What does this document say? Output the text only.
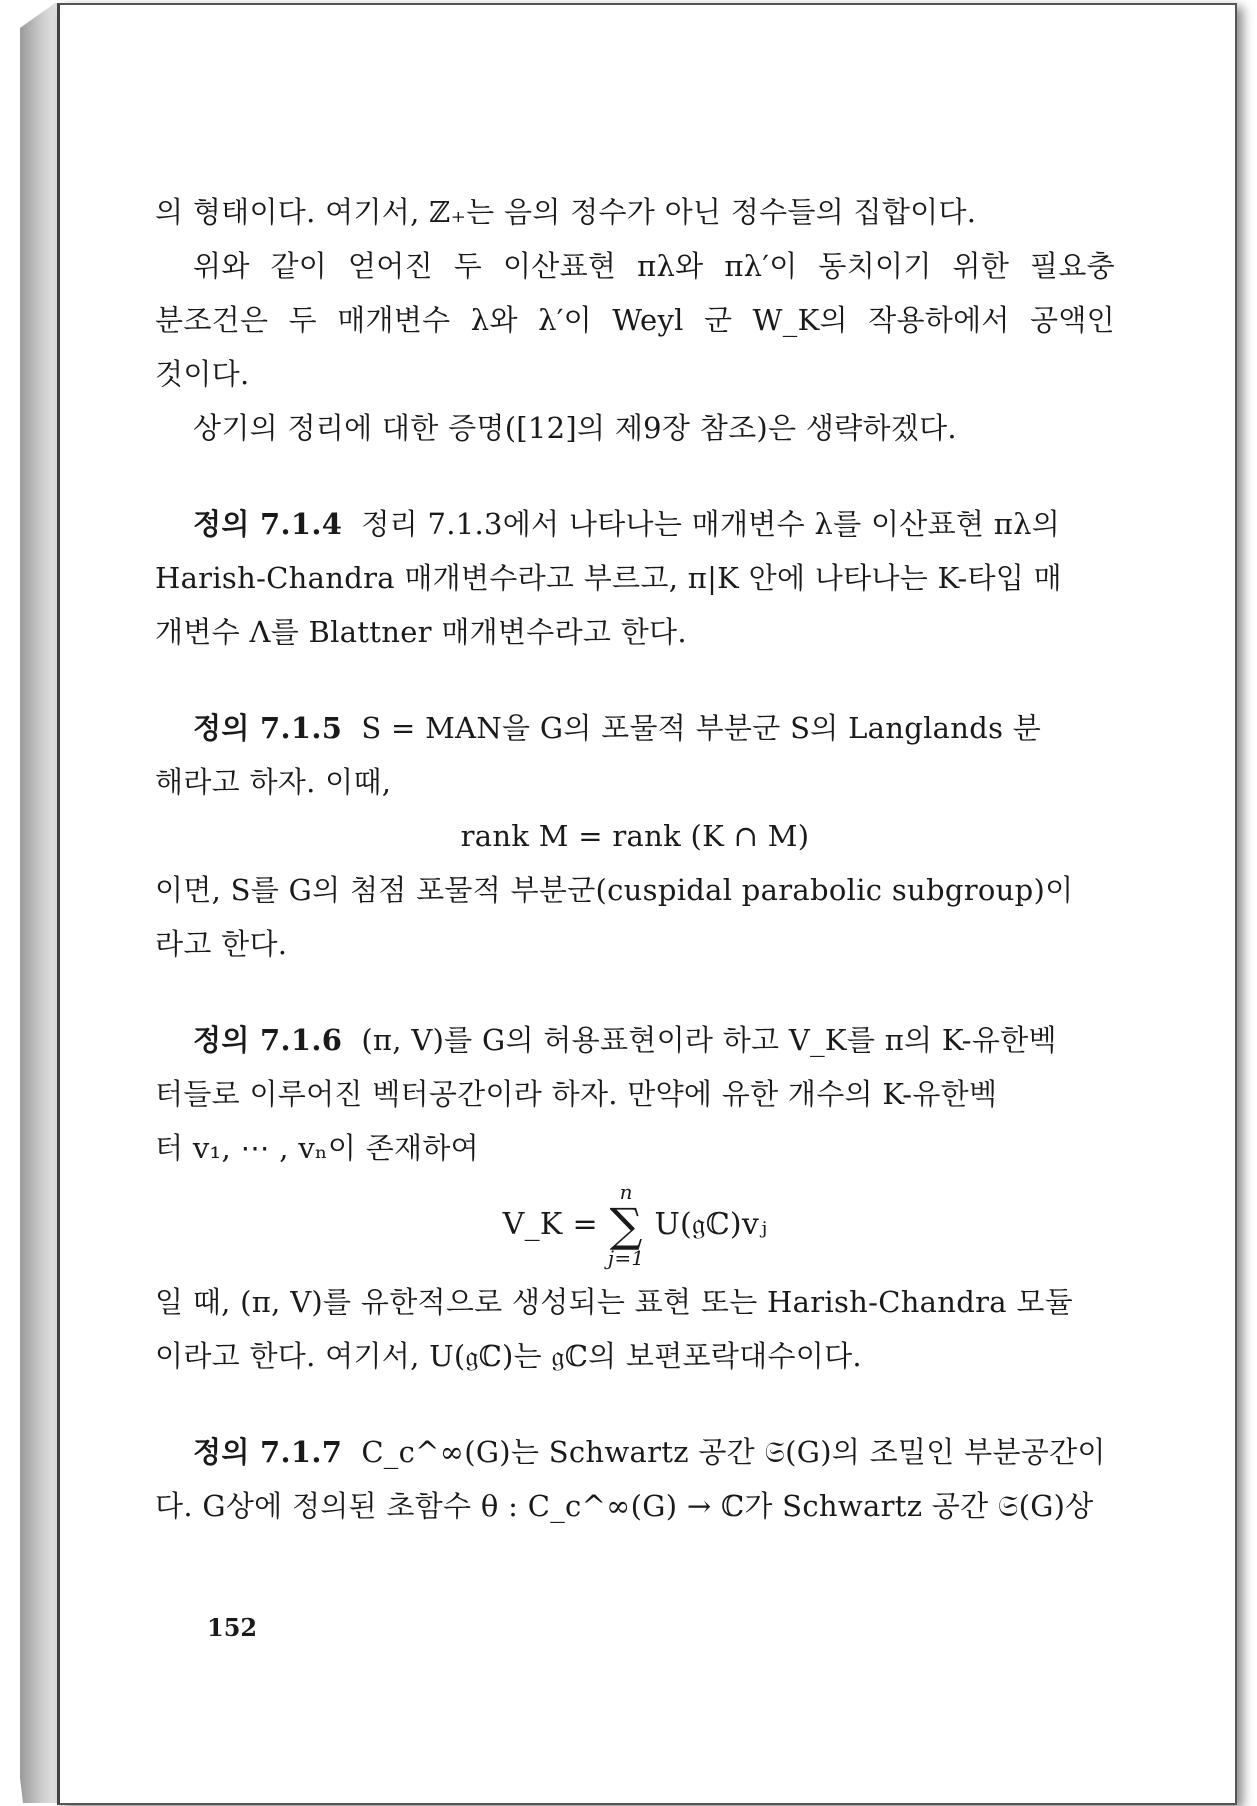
의 형태이다. 여기서, ℤ₊는 음의 정수가 아닌 정수들의 집합이다.
위와 같이 얻어진 두 이산표현 πλ와 πλ′이 동치이기 위한 필요충
분조건은 두 매개변수 λ와 λ′이 Weyl 군 W_K의 작용하에서 공액인
것이다.
상기의 정리에 대한 증명([12]의 제9장 참조)은 생략하겠다.
정의 7.1.4 정리 7.1.3에서 나타나는 매개변수 λ를 이산표현 πλ의
Harish-Chandra 매개변수라고 부르고, π|K 안에 나타나는 K-타입 매
개변수 Λ를 Blattner 매개변수라고 한다.
정의 7.1.5 S = MAN을 G의 포물적 부분군 S의 Langlands 분
해라고 하자. 이때,
rank M = rank (K ∩ M)
이면, S를 G의 첨점 포물적 부분군(cuspidal parabolic subgroup)이
라고 한다.
정의 7.1.6 (π, V)를 G의 허용표현이라 하고 V_K를 π의 K-유한벡
터들로 이루어진 벡터공간이라 하자. 만약에 유한 개수의 K-유한벡
터 v₁, ⋯ , vₙ이 존재하여
V_K =
n
∑
j=1
U(𝔤ℂ)vⱼ
일 때, (π, V)를 유한적으로 생성되는 표현 또는 Harish-Chandra 모듈
이라고 한다. 여기서, U(𝔤ℂ)는 𝔤ℂ의 보편포락대수이다.
정의 7.1.7 C_c^∞(G)는 Schwartz 공간 𝔖(G)의 조밀인 부분공간이
다. G상에 정의된 초함수 θ : C_c^∞(G) → ℂ가 Schwartz 공간 𝔖(G)상
152
